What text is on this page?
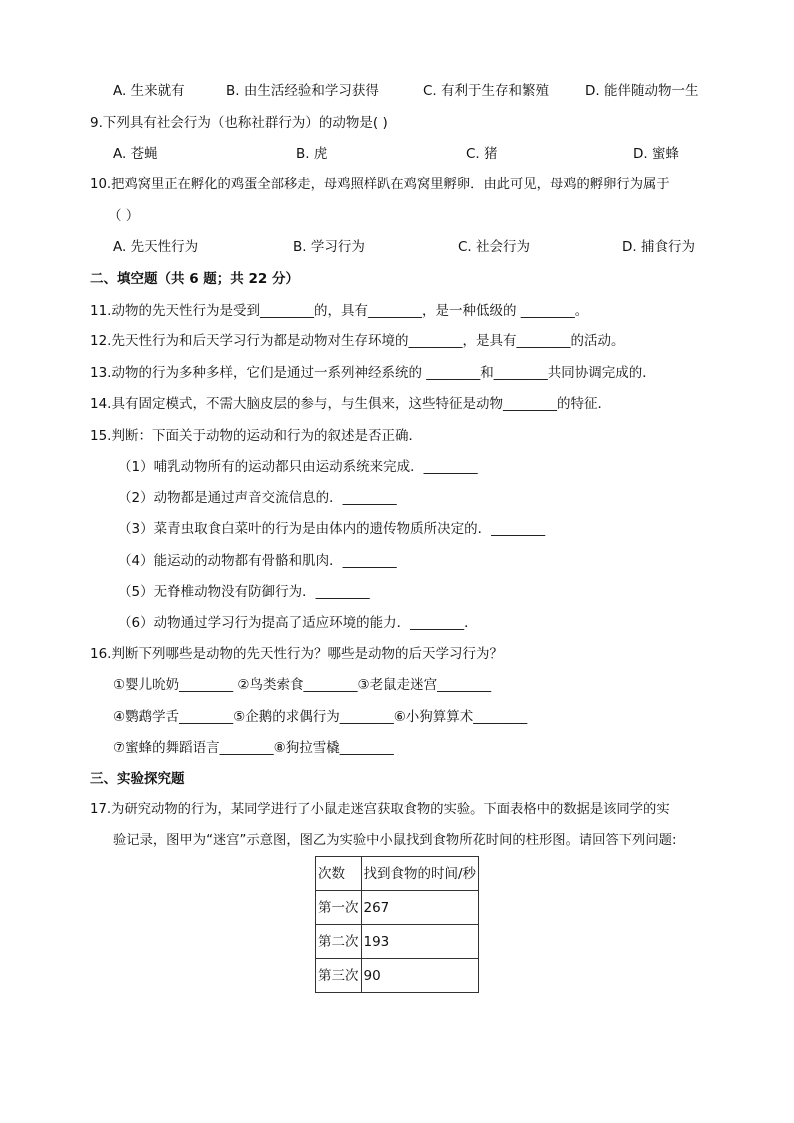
A. 生来就有	B. 由生活经验和学习获得	C. 有利于生存和繁殖	D. 能伴随动物一生
9.下列具有社会行为（也称社群行为）的动物是( )
A. 苍蝇	B. 虎	C. 猪	D. 蜜蜂
10.把鸡窝里正在孵化的鸡蛋全部移走，母鸡照样趴在鸡窝里孵卵．由此可见，母鸡的孵卵行为属于
（ ）
A. 先天性行为	B. 学习行为	C. 社会行为	D. 捕食行为
二、填空题（共 6 题；共 22 分）
11.动物的先天性行为是受到________的，具有________，是一种低级的 ________。
12.先天性行为和后天学习行为都是动物对生存环境的________，是具有________的活动。
13.动物的行为多种多样，它们是通过一系列神经系统的 ________和________共同协调完成的．
14.具有固定模式，不需大脑皮层的参与，与生俱来，这些特征是动物________的特征．
15.判断：下面关于动物的运动和行为的叙述是否正确．
（1）哺乳动物所有的运动都只由运动系统来完成．________
（2）动物都是通过声音交流信息的．________
（3）菜青虫取食白菜叶的行为是由体内的遗传物质所决定的．________
（4）能运动的动物都有骨骼和肌肉．________
（5）无脊椎动物没有防御行为．________
（6）动物通过学习行为提高了适应环境的能力．________．
16.判断下列哪些是动物的先天性行为？哪些是动物的后天学习行为？
①婴儿吮奶________ ②鸟类索食________③老鼠走迷宫________
④鹦鹉学舌________⑤企鹅的求偶行为________⑥小狗算算术________
⑦蜜蜂的舞蹈语言________⑧狗拉雪橇________
三、实验探究题
17.为研究动物的行为，某同学进行了小鼠走迷宫获取食物的实验。下面表格中的数据是该同学的实
验记录，图甲为“迷宫”示意图，图乙为实验中小鼠找到食物所花时间的柱形图。请回答下列问题:
次数	找到食物的时间/秒
第一次	267
第二次	193
第三次	90
